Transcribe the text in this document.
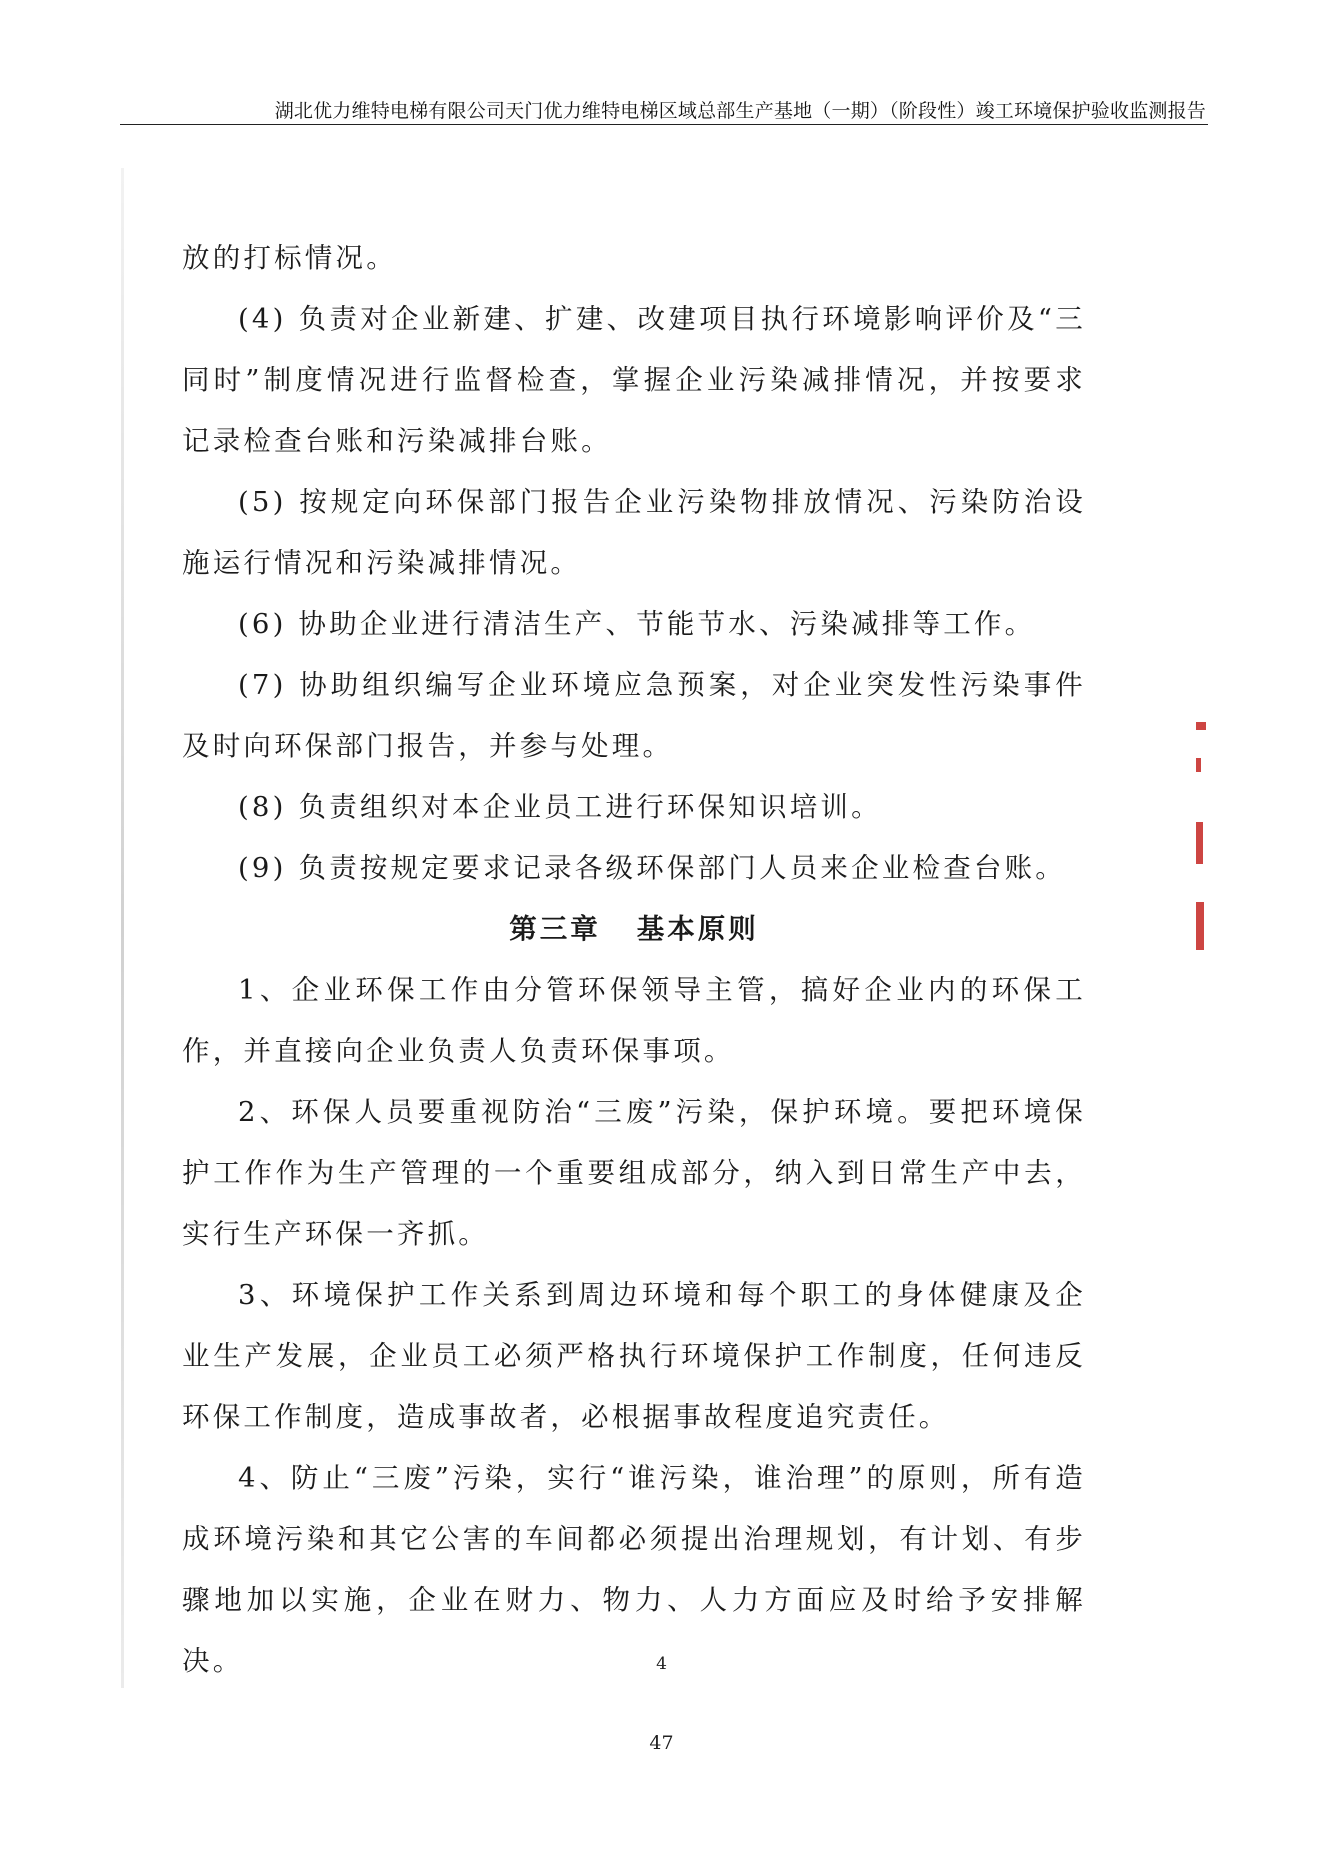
湖北优力维特电梯有限公司天门优力维特电梯区域总部生产基地（一期）（阶段性）竣工环境保护验收监测报告

放的打标情况。

(4) 负责对企业新建、扩建、改建项目执行环境影响评价及“三同时”制度情况进行监督检查，掌握企业污染减排情况，并按要求记录检查台账和污染减排台账。

(5) 按规定向环保部门报告企业污染物排放情况、污染防治设施运行情况和污染减排情况。

(6) 协助企业进行清洁生产、节能节水、污染减排等工作。

(7) 协助组织编写企业环境应急预案，对企业突发性污染事件及时向环保部门报告，并参与处理。

(8) 负责组织对本企业员工进行环保知识培训。

(9) 负责按规定要求记录各级环保部门人员来企业检查台账。

第三章 基本原则

1、企业环保工作由分管环保领导主管，搞好企业内的环保工作，并直接向企业负责人负责环保事项。

2、环保人员要重视防治“三废”污染，保护环境。要把环境保护工作作为生产管理的一个重要组成部分，纳入到日常生产中去，实行生产环保一齐抓。

3、环境保护工作关系到周边环境和每个职工的身体健康及企业生产发展，企业员工必须严格执行环境保护工作制度，任何违反环保工作制度，造成事故者，必根据事故程度追究责任。

4、防止“三废”污染，实行“谁污染，谁治理”的原则，所有造成环境污染和其它公害的车间都必须提出治理规划，有计划、有步骤地加以实施，企业在财力、物力、人力方面应及时给予安排解决。	4
47
